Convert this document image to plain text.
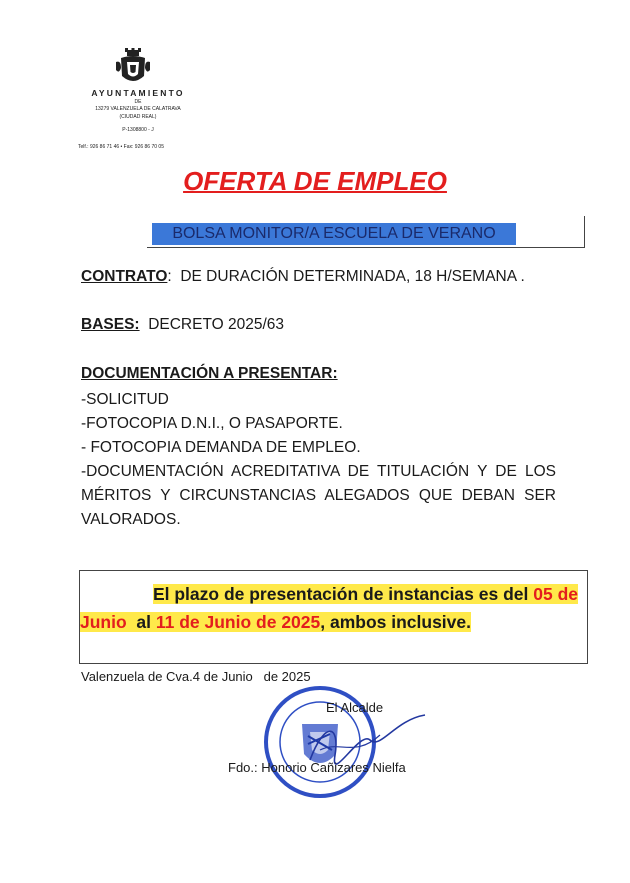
AYUNTAMIENTO
DE
13279 VALENZUELA DE CALATRAVA
(CIUDAD REAL)
P-1308800 - J
Telf.: 926 86 71 46 • Fax: 926 86 70 05
OFERTA DE EMPLEO
BOLSA MONITOR/A ESCUELA DE VERANO
CONTRATO: DE DURACIÓN DETERMINADA, 18 H/SEMANA .
BASES: DECRETO 2025/63
DOCUMENTACIÓN A PRESENTAR:
-SOLICITUD
-FOTOCOPIA D.N.I., O PASAPORTE.
- FOTOCOPIA DEMANDA DE EMPLEO.
-DOCUMENTACIÓN ACREDITATIVA DE TITULACIÓN Y DE LOS
MÉRITOS Y CIRCUNSTANCIAS ALEGADOS QUE DEBAN SER
VALORADOS.
El plazo de presentación de instancias es del 05 de
Junio  al 11 de Junio de 2025, ambos inclusive.
Valenzuela de Cva.4 de Junio   de 2025
El Alcalde
Fdo.: Honorio Cañizares Nielfa
